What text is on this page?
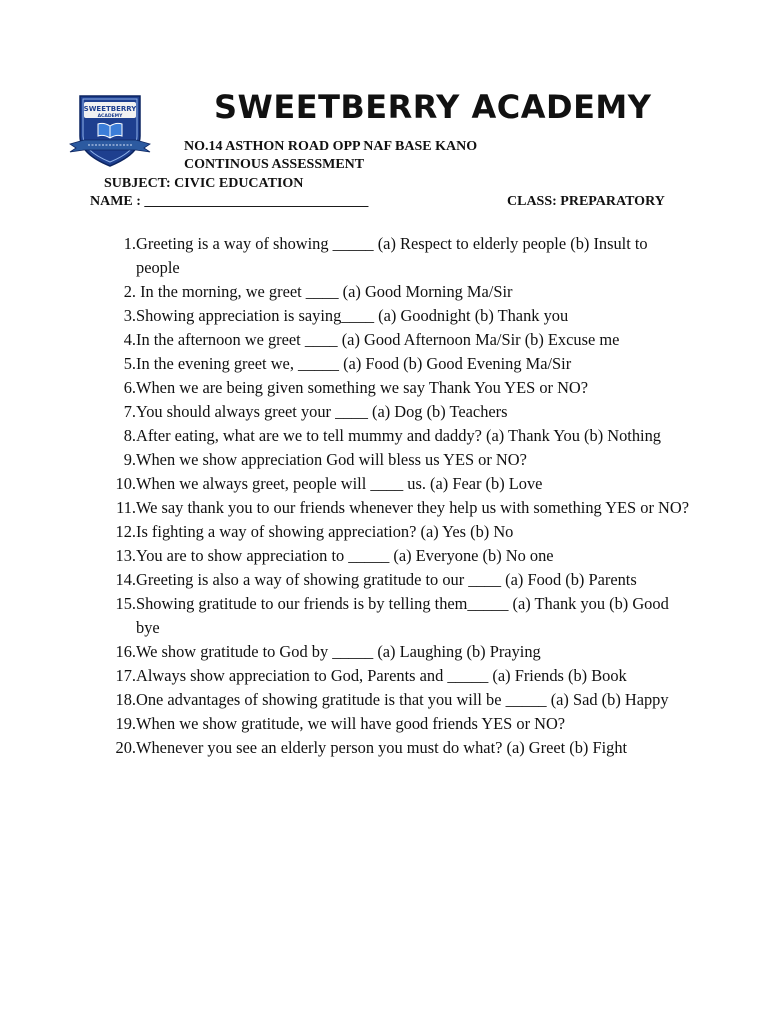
SWEETBERRY
ACADEMY	SWEETBERRY ACADEMY
NO.14 ASTHON ROAD OPP NAF BASE KANO
CONTINOUS ASSESSMENT
SUBJECT: CIVIC EDUCATION
NAME : ________________________________	CLASS: PREPARATORY
1. Greeting is a way of showing _____ (a) Respect to elderly people (b) Insult to people
2. In the morning, we greet ____ (a) Good Morning Ma/Sir
3. Showing appreciation is saying____ (a) Goodnight (b) Thank you
4. In the afternoon we greet ____ (a) Good Afternoon Ma/Sir (b) Excuse me
5. In the evening greet we, _____ (a) Food (b) Good Evening Ma/Sir
6. When we are being given something we say Thank You YES or NO?
7. You should always greet your ____ (a) Dog (b) Teachers
8. After eating, what are we to tell mummy and daddy? (a) Thank You (b) Nothing
9. When we show appreciation God will bless us YES or NO?
10. When we always greet, people will ____ us. (a) Fear (b) Love
11. We say thank you to our friends whenever they help us with something YES or NO?
12. Is fighting a way of showing appreciation? (a) Yes (b) No
13. You are to show appreciation to _____ (a) Everyone (b) No one
14. Greeting is also a way of showing gratitude to our ____ (a) Food (b) Parents
15. Showing gratitude to our friends is by telling them_____ (a) Thank you (b) Good bye
16. We show gratitude to God by _____ (a) Laughing (b) Praying
17. Always show appreciation to God, Parents and _____ (a) Friends (b) Book
18. One advantages of showing gratitude is that you will be _____ (a) Sad (b) Happy
19. When we show gratitude, we will have good friends YES or NO?
20. Whenever you see an elderly person you must do what? (a) Greet (b) Fight
